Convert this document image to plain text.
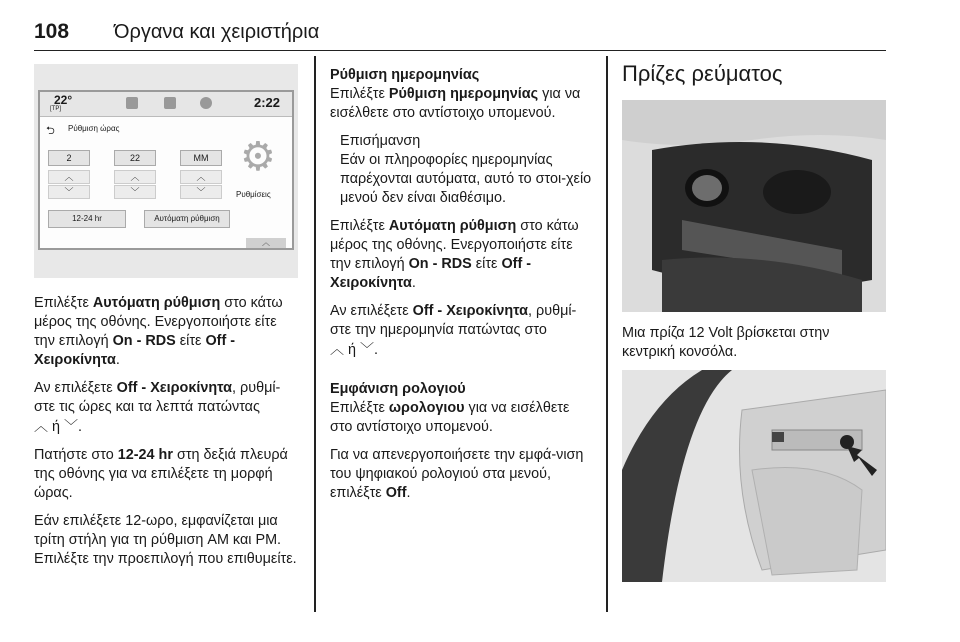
108 Όργανα και χειριστήρια
22°
[TP]	2:22
⮌ Ρύθμιση ώρας
2	22	MM
︿
﹀
︿
﹀
︿
﹀
12-24 hr	Αυτόματη ρύθμιση
⚙
Ρυθμίσεις
︿

Επιλέξτε Αυτόματη ρύθμιση στο κάτω μέρος της οθόνης. Ενεργοποιήστε είτε την επιλογή On - RDS είτε Off - Χειροκίνητα.

Αν επιλέξετε Off - Χειροκίνητα, ρυθμί-στε τις ώρες και τα λεπτά πατώντας
︿ ή ﹀.

Πατήστε στο 12-24 hr στη δεξιά πλευρά της οθόνης για να επιλέξετε τη μορφή ώρας.

Εάν επιλέξετε 12-ωρο, εμφανίζεται μια τρίτη στήλη για τη ρύθμιση AM και PM. Επιλέξτε την προεπιλογή που επιθυμείτε.

Ρύθμιση ημερομηνίας

Επιλέξτε Ρύθμιση ημερομηνίας για να εισέλθετε στο αντίστοιχο υπομενού.

Επισήμανση
Εάν οι πληροφορίες ημερομηνίας παρέχονται αυτόματα, αυτό το στοι-χείο μενού δεν είναι διαθέσιμο.

Επιλέξτε Αυτόματη ρύθμιση στο κάτω μέρος της οθόνης. Ενεργοποιήστε είτε την επιλογή On - RDS είτε Off - Χειροκίνητα.

Αν επιλέξετε Off - Χειροκίνητα, ρυθμί-στε την ημερομηνία πατώντας στο
︿ ή ﹀.

Εμφάνιση ρολογιού

Επιλέξτε ωρολογιου για να εισέλθετε στο αντίστοιχο υπομενού.

Για να απενεργοποιήσετε την εμφά-νιση του ψηφιακού ρολογιού στα μενού, επιλέξτε Off.

Πρίζες ρεύματος

Μια πρίζα 12 Volt βρίσκεται στην κεντρική κονσόλα.
